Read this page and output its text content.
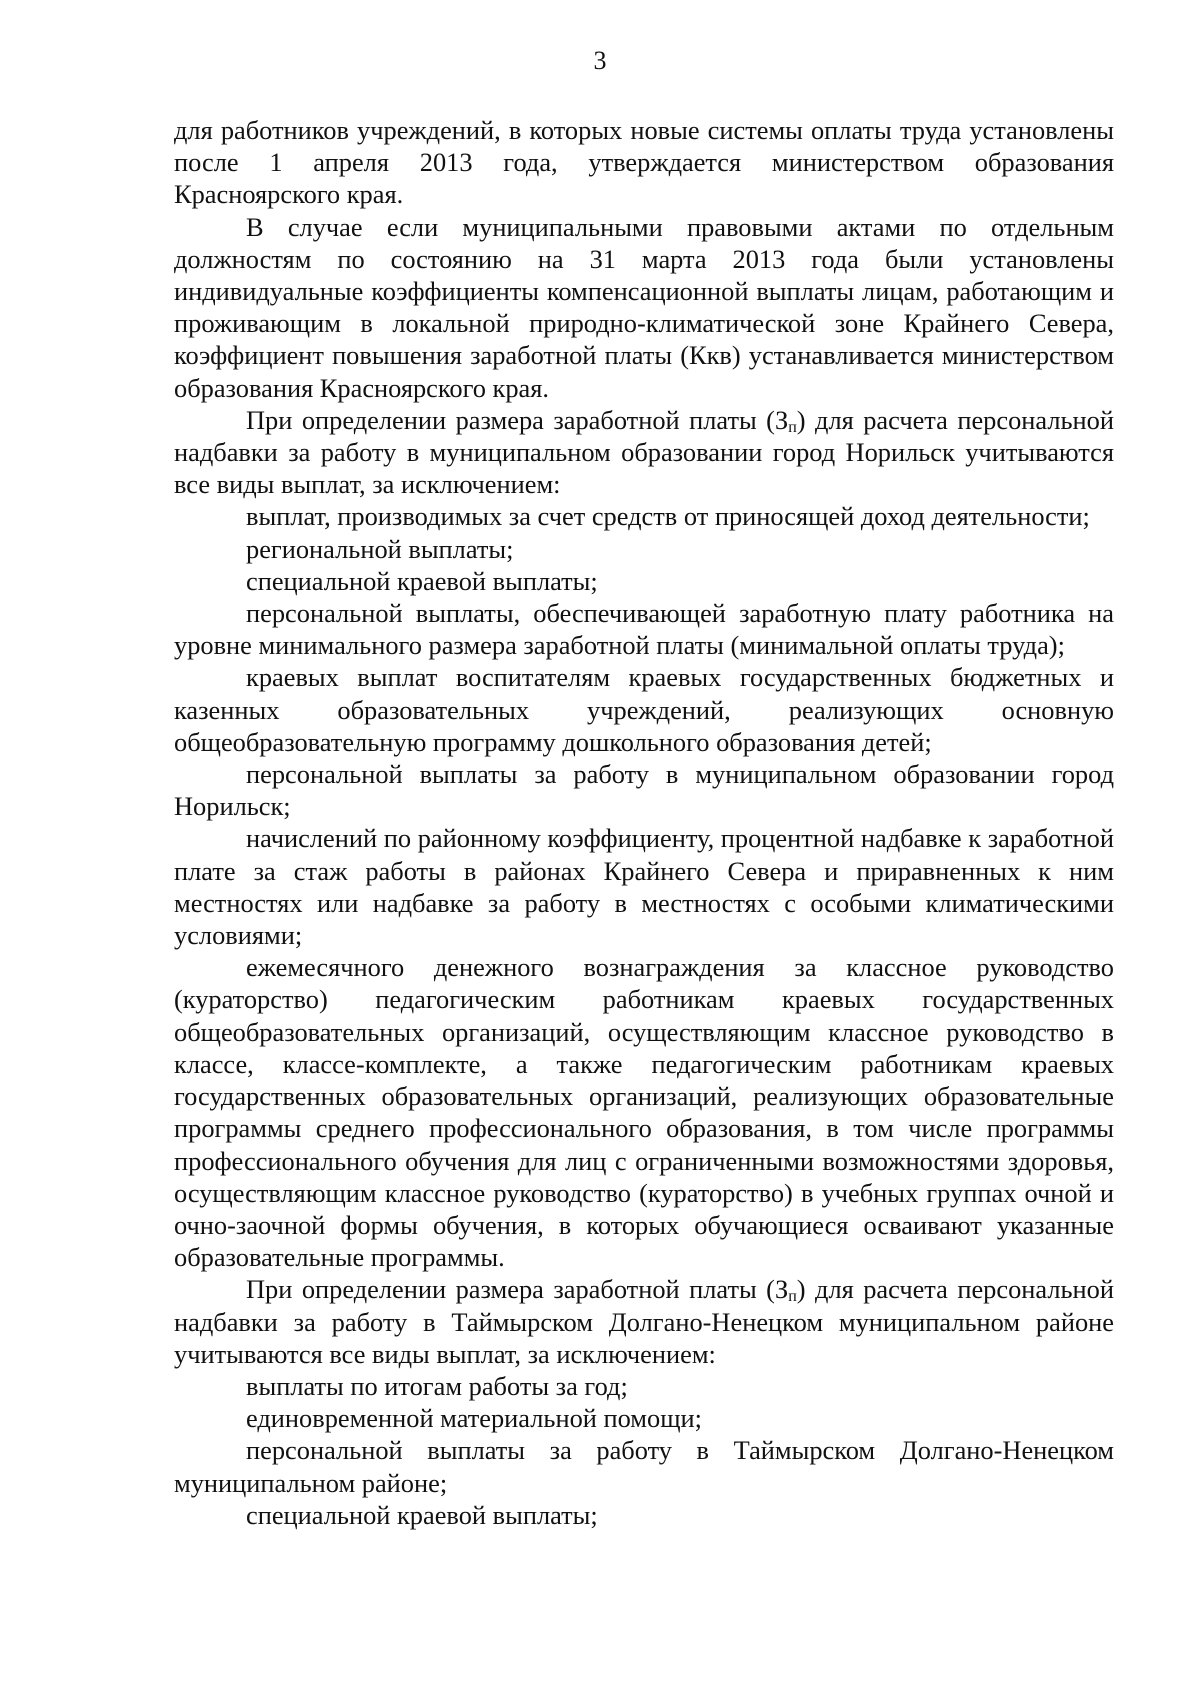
3

для работников учреждений, в которых новые системы оплаты труда установлены после 1 апреля 2013 года, утверждается министерством образования Красноярского края.

В случае если муниципальными правовыми актами по отдельным должностям по состоянию на 31 марта 2013 года были установлены индивидуальные коэффициенты компенсационной выплаты лицам, работающим и проживающим в локальной природно-климатической зоне Крайнего Севера, коэффициент повышения заработной платы (Ккв) устанавливается министерством образования Красноярского края.

При определении размера заработной платы $(З_п)$ для расчета персональной надбавки за работу в муниципальном образовании город Норильск учитываются все виды выплат, за исключением:

выплат, производимых за счет средств от приносящей доход деятельности;

региональной выплаты;

специальной краевой выплаты;

персональной выплаты, обеспечивающей заработную плату работника на уровне минимального размера заработной платы (минимальной оплаты труда);

краевых выплат воспитателям краевых государственных бюджетных и казенных образовательных учреждений, реализующих основную общеобразовательную программу дошкольного образования детей;

персональной выплаты за работу в муниципальном образовании город Норильск;

начислений по районному коэффициенту, процентной надбавке к заработной плате за стаж работы в районах Крайнего Севера и приравненных к ним местностях или надбавке за работу в местностях с особыми климатическими условиями;

ежемесячного денежного вознаграждения за классное руководство (кураторство) педагогическим работникам краевых государственных общеобразовательных организаций, осуществляющим классное руководство в классе, классе-комплекте, а также педагогическим работникам краевых государственных образовательных организаций, реализующих образовательные программы среднего профессионального образования, в том числе программы профессионального обучения для лиц с ограниченными возможностями здоровья, осуществляющим классное руководство (кураторство) в учебных группах очной и очно-заочной формы обучения, в которых обучающиеся осваивают указанные образовательные программы.

При определении размера заработной платы $(З_п)$ для расчета персональной надбавки за работу в Таймырском Долгано-Ненецком муниципальном районе учитываются все виды выплат, за исключением:

выплаты по итогам работы за год;

единовременной материальной помощи;

персональной выплаты за работу в Таймырском Долгано-Ненецком муниципальном районе;

специальной краевой выплаты;
